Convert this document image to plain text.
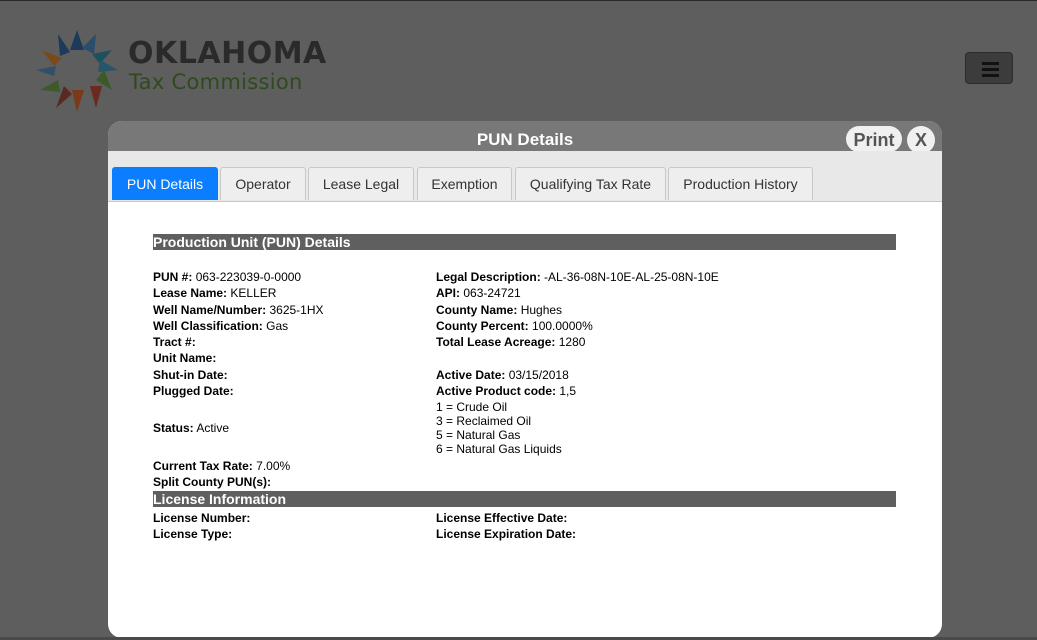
OKLAHOMA
Tax Commission
PUN Details	Print	X
PUN Details	Operator	Lease Legal	Exemption	Qualifying Tax Rate	Production History
Production Unit (PUN) Details
PUN #: 063-223039-0-0000
Lease Name: KELLER
Well Name/Number: 3625-1HX
Well Classification: Gas
Tract #:
Unit Name:
Shut-in Date:
Plugged Date:
Status: Active
Current Tax Rate: 7.00%
Split County PUN(s):
Legal Description: -AL-36-08N-10E-AL-25-08N-10E
API: 063-24721
County Name: Hughes
County Percent: 100.0000%
Total Lease Acreage: 1280
Active Date: 03/15/2018
Active Product code: 1,5
1 = Crude Oil
3 = Reclaimed Oil
5 = Natural Gas
6 = Natural Gas Liquids
License Information
License Number:
License Type:
License Effective Date:
License Expiration Date:
